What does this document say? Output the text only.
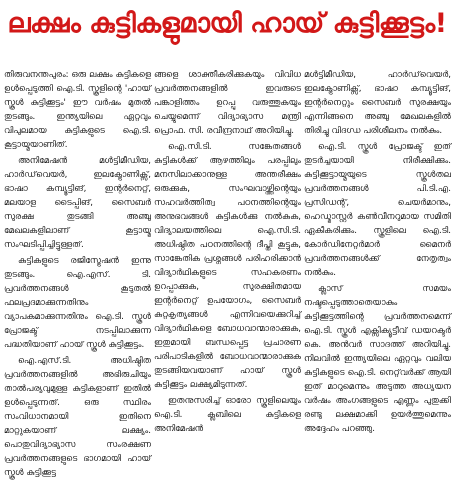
ലക്ഷം കുട്ടികളുമായി ഹായ് കുട്ടിക്കൂട്ടം!

തിരുവനന്തപുരം: ഒരു ലക്ഷം കുട്ടികളെ ഉൾപ്പെടുത്തി ഐ.ടി. സ്കൂളിന്റെ 'ഹായ് സ്കൂൾ കുട്ടിക്കൂട്ടം' ഈ വർഷം മുതൽ തുടങ്ങും. ഇന്ത്യയിലെ ഏറ്റവും വിപുലമായ കുട്ടികളുടെ ഐ.ടി. കൂട്ടായ്മയാണിത്.

അനിമേഷൻ മൾട്ടിമീഡിയ, ഹാർഡ്‌വെയർ, ഇലക്ട്രോണിക്സ്, ഭാഷാ കമ്പ്യൂട്ടിങ്, ഇന്റർനെറ്റ്, മലയാള ടൈപ്പിങ്, സൈബർ സുരക്ഷ തുടങ്ങി അഞ്ചു മേഖലകളിലാണ് കൂട്ടായ്മ സംഘടിപ്പിച്ചിട്ടുള്ളത്.

കുട്ടികളുടെ രജിസ്ട്രേഷൻ ഇന്നു തുടങ്ങും. ഐ.എസ്. ടി. പ്രവർത്തനങ്ങൾ കൂടുതൽ ഫലപ്രദമാക്കുന്നതിനും വ്യാപകമാക്കുന്നതിനും ഐ.ടി. സ്കൂൾ പ്രോജക്ട് നടപ്പിലാക്കുന്ന പദ്ധതിയാണ് ഹായ് സ്കൂൾ കുട്ടിക്കൂട്ടം.

ഐ.എസ്.ടി. അധിഷ്ഠിത പ്രവർത്തനങ്ങളിൽ അഭിരുചിയും താൽപര്യവുമുള്ള കുട്ടികളാണ് ഇതിൽ ഉൾപ്പെടുന്നത്. ഒരു സ്ഥിരം സംവിധാനമായി ഇതിനെ മാറ്റുകയാണ് ലക്ഷ്യം. പൊതുവിദ്യാഭ്യാസ സംരക്ഷണ പ്രവർത്തനങ്ങളുടെ ഭാഗമായി ഹായ് സ്കൂൾ കുട്ടിക്കൂട്ട

ങ്ങളെ ശാക്തീകരിക്കുകയും വിവിധ പ്രവർത്തനങ്ങളിൽ ഇവരുടെ പങ്കാളിത്തം ഉറപ്പു വരുത്തുകയും ചെയ്യുമെന്ന് വിദ്യാഭ്യാസ മന്ത്രി പ്രൊഫ. സി. രവീന്ദ്രനാഥ് അറിയിച്ചു.

ഐ.സി.ടി. സങ്കേതങ്ങൾ കുട്ടികൾക്ക് ആഴത്തിലും പരപ്പിലും മനസിലാക്കാനുള്ള അന്തരീക്ഷം ഒരുക്കുക, സംഘവാഴ്ത്തിന്റെയും സഹവർത്തിത്വ പഠനത്തിന്റെയും അനുഭവങ്ങൾ കുട്ടികൾക്കു നൽകുക, വിദ്യാലയത്തിലെ ഐ.സി.ടി. അധിഷ്ഠിത പഠനത്തിന്റെ ദീപ്തി കൂട്ടുക, സാങ്കേതിക പ്രശ്നങ്ങൾ പരിഹരിക്കാൻ വിദ്യാർഥികളുടെ സഹകരണം ഉറപ്പാക്കുക, സുരക്ഷിതമായ ഇന്റർനെറ്റ് ഉപയോഗം, സൈബർ കുറ്റകൃത്യങ്ങൾ എന്നിവയെക്കുറിച്ച് വിദ്യാർഥികളെ ബോധവാന്മാരാക്കുക, ഇതുമായി ബന്ധപ്പെട്ട പ്രചാരണ പരിപാടികളിൽ ബോധവാന്മാരാക്കുക തുടങ്ങിയവയാണ് ഹായ് സ്കൂൾ കുട്ടിക്കൂട്ടം ലക്ഷ്യമിടുന്നത്.

ഇതനുസരിച്ച് ഓരോ സ്കൂളിലെയും ഐ.ടി. ക്ലബിലെ കുട്ടികളെ അനിമേഷൻ

മൾട്ടിമീഡിയ, ഹാർഡ്‌വെയർ, ഇലക്ട്രോണിക്സ്, ഭാഷാ കമ്പ്യൂട്ടിങ്, ഇന്റർനെറ്റും സൈബർ സുരക്ഷയും എന്നിങ്ങനെ അഞ്ചു മേഖലകളിൽ തിരിച്ചു വിദഗ്ധ പരിശീലനം നൽകും.

ഐ.ടി. സ്കൂൾ പ്രോജക്ട് ഇത് തുടർച്ചയായി നിരീക്ഷിക്കും. കുട്ടിക്കൂട്ടായ്മയുടെ സ്കൂൾതല പ്രവർത്തനങ്ങൾ പി.ടി.എ. പ്രസിഡന്റ്, ചെയർമാനും, ഹെഡ്മാസ്റ്റർ കൺവീനറുമായ സമിതി ഏകീകരിക്കും. സ്കൂളിലെ ഐ.ടി. കോർഡിനേറ്റർമാർ മൈനർ പ്രവർത്തനങ്ങൾക്ക് നേതൃത്വം നൽകും.

ക്ലാസ് സമയം നഷ്ടപ്പെടുത്താതെയാകും കുട്ടിക്കൂട്ടത്തിന്റെ പ്രവർത്തനമെന്ന് ഐ.ടി. സ്കൂൾ എക്സിക്യൂട്ടീവ് ഡയറക്ടർ കെ. അൻവർ സാദത്ത് അറിയിച്ചു. നിലവിൽ ഇന്ത്യയിലെ ഏറ്റവും വലിയ കുട്ടികളുടെ ഐ.ടി. നെറ്റ്‌വർക്ക് ആയി ഇത് മാറുമെന്നും അടുത്ത അധ്യയന വർഷം അംഗങ്ങളുടെ എണ്ണം പുതുക്കി രണ്ടു ലക്ഷമാക്കി ഉയർത്തുമെന്നും അദ്ദേഹം പറഞ്ഞു.
